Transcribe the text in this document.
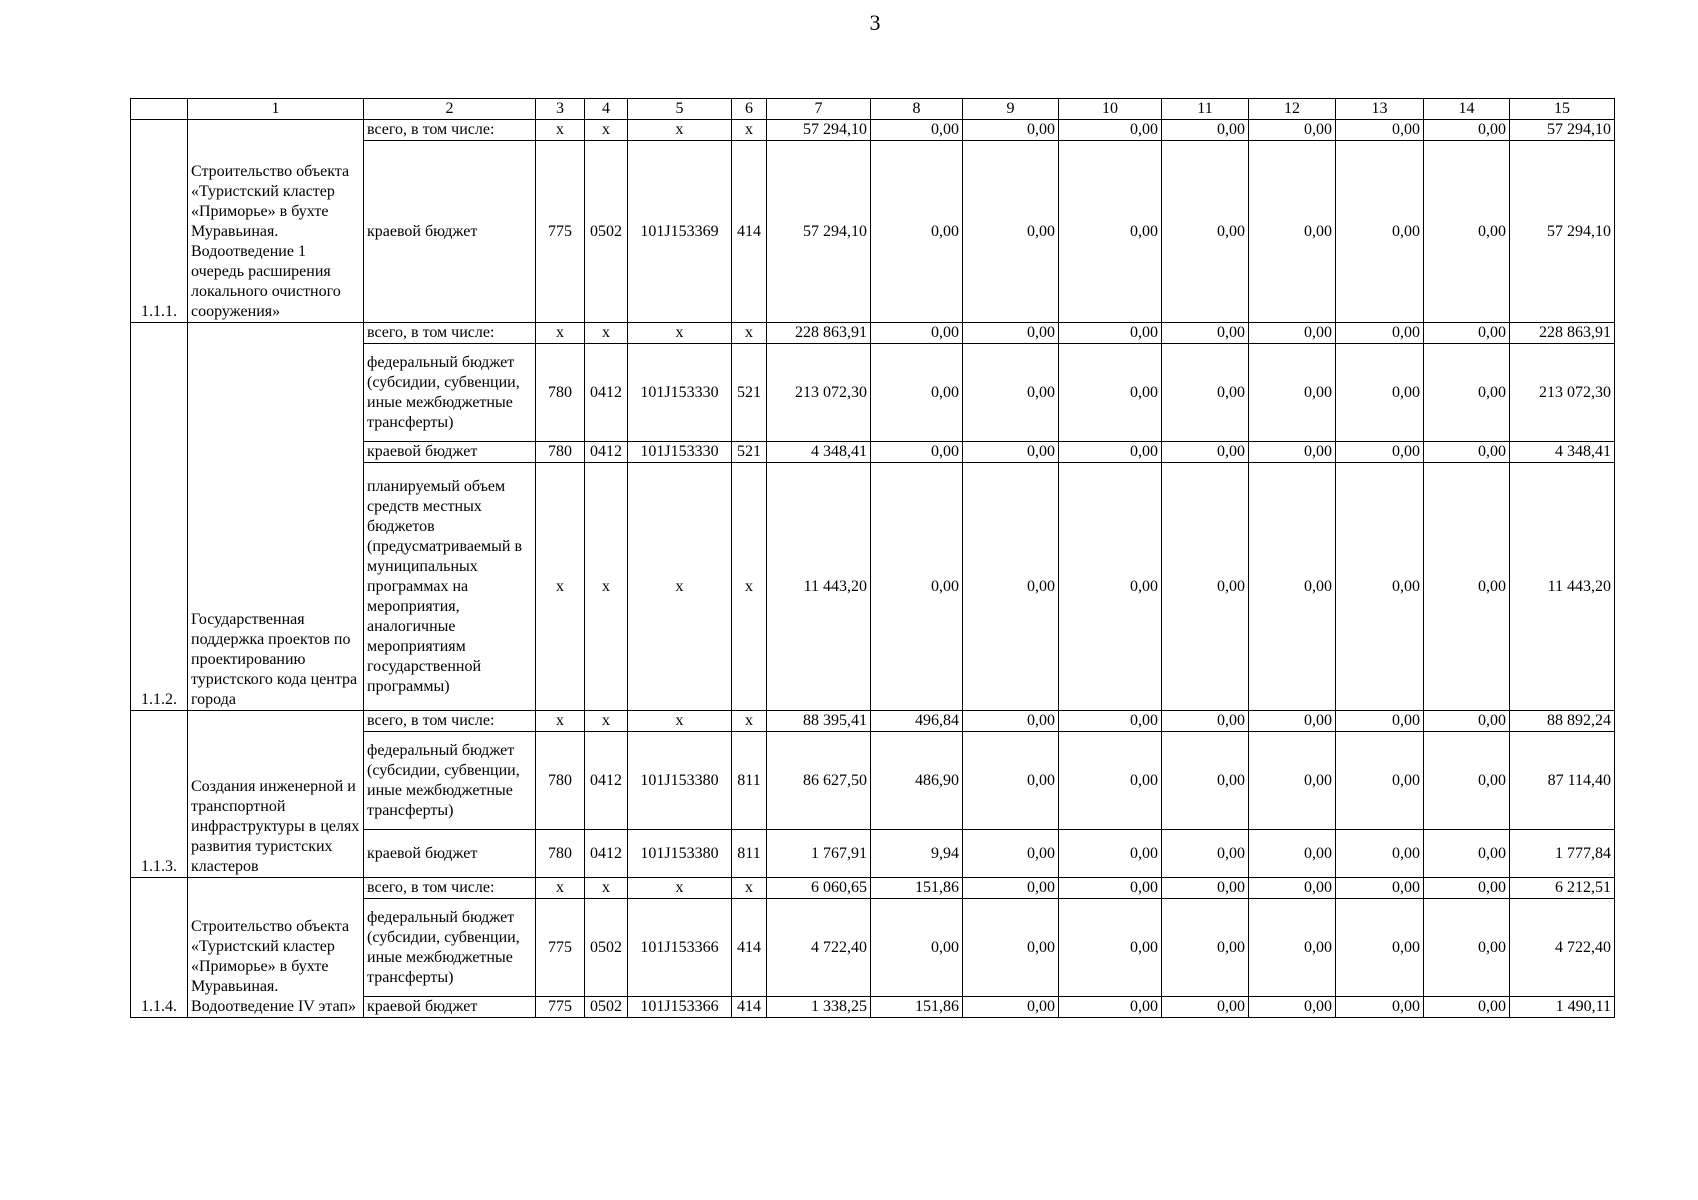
3
	1	2	3	4	5	6	7	8	9	10	11	12	13	14	15
1.1.1.	Строительство объекта «Туристский кластер «Приморье» в бухте Муравьиная. Водоотведение 1 очередь расширения локального очистного сооружения»	всего, в том числе:	x	x	x	x	57 294,10	0,00	0,00	0,00	0,00	0,00	0,00	0,00	57 294,10
		краевой бюджет	775	0502	101J153369	414	57 294,10	0,00	0,00	0,00	0,00	0,00	0,00	0,00	57 294,10
1.1.2.	Государственная поддержка проектов по проектированию туристского кода центра города	всего, в том числе:	x	x	x	x	228 863,91	0,00	0,00	0,00	0,00	0,00	0,00	0,00	228 863,91
		федеральный бюджет (субсидии, субвенции, иные межбюджетные трансферты)	780	0412	101J153330	521	213 072,30	0,00	0,00	0,00	0,00	0,00	0,00	0,00	213 072,30
		краевой бюджет	780	0412	101J153330	521	4 348,41	0,00	0,00	0,00	0,00	0,00	0,00	0,00	4 348,41
		планируемый объем средств местных бюджетов (предусматриваемый в муниципальных программах на мероприятия, аналогичные мероприятиям государственной программы)	x	x	x	x	11 443,20	0,00	0,00	0,00	0,00	0,00	0,00	0,00	11 443,20
1.1.3.	Создания инженерной и транспортной инфраструктуры в целях развития туристских кластеров	всего, в том числе:	x	x	x	x	88 395,41	496,84	0,00	0,00	0,00	0,00	0,00	0,00	88 892,24
		федеральный бюджет (субсидии, субвенции, иные межбюджетные трансферты)	780	0412	101J153380	811	86 627,50	486,90	0,00	0,00	0,00	0,00	0,00	0,00	87 114,40
		краевой бюджет	780	0412	101J153380	811	1 767,91	9,94	0,00	0,00	0,00	0,00	0,00	0,00	1 777,84
1.1.4.	Строительство объекта «Туристский кластер «Приморье» в бухте Муравьиная. Водоотведение IV этап»	всего, в том числе:	x	x	x	x	6 060,65	151,86	0,00	0,00	0,00	0,00	0,00	0,00	6 212,51
		федеральный бюджет (субсидии, субвенции, иные межбюджетные трансферты)	775	0502	101J153366	414	4 722,40	0,00	0,00	0,00	0,00	0,00	0,00	0,00	4 722,40
		краевой бюджет	775	0502	101J153366	414	1 338,25	151,86	0,00	0,00	0,00	0,00	0,00	0,00	1 490,11
